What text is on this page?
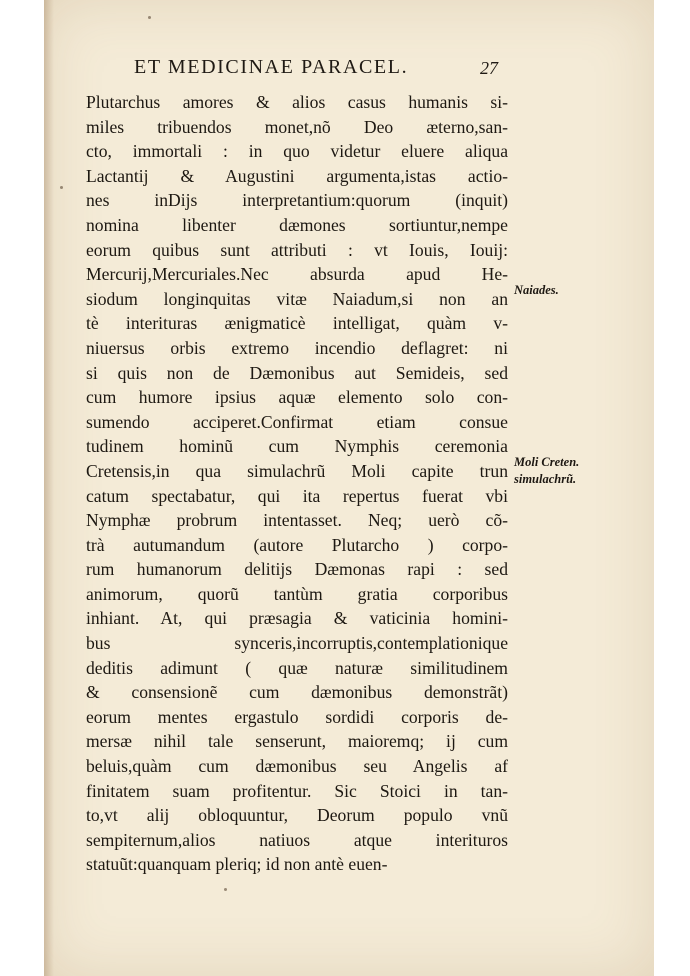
ET MEDICINAE PARACEL.	27
Plutarchus amores & alios casus humanis si-
miles tribuendos monet,nõ Deo æterno,san-
cto, immortali : in quo videtur eluere aliqua
Lactantij & Augustini argumenta,istas actio-
nes inDijs interpretantium:quorum (inquit)
nomina libenter dæmones sortiuntur,nempe
eorum quibus sunt attributi : vt Iouis, Iouij:
Mercurij,Mercuriales.Nec absurda apud He-
siodum longinquitas vitæ Naiadum,si non an
tè interituras ænigmaticè intelligat, quàm v-
niuersus orbis extremo incendio deflagret: ni
si quis non de Dæmonibus aut Semideis, sed
cum humore ipsius aquæ elemento solo con-
sumendo acciperet.Confirmat etiam consue
tudinem hominũ cum Nymphis ceremonia
Cretensis,in qua simulachrũ Moli capite trun
catum spectabatur, qui ita repertus fuerat vbi
Nymphæ probrum intentasset. Neq; uerò cõ-
trà autumandum (autore Plutarcho ) corpo-
rum humanorum delitijs Dæmonas rapi : sed
animorum, quorũ tantùm gratia corporibus
inhiant. At, qui præsagia & vaticinia homini-
bus synceris,incorruptis,contemplationique
deditis adimunt ( quæ naturæ similitudinem
& consensionẽ cum dæmonibus demonstrãt)
eorum mentes ergastulo sordidi corporis de-
mersæ nihil tale senserunt, maioremq; ij cum
beluis,quàm cum dæmonibus seu Angelis af
finitatem suam profitentur. Sic Stoici in tan-
to,vt alij obloquuntur, Deorum populo vnũ
sempiternum,alios natiuos atque interituros
statuũt:quanquam pleriq; id non antè euen-
Naiades.
Moli Creten.
simulachrũ.
